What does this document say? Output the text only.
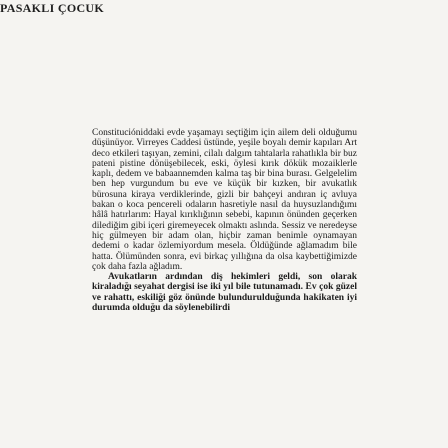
PASAKLI ÇOCUK

Constitucióniddaki evde yaşamayı seçtiğim için ailem deli olduğumu düşünüyor. Virreyes Caddesi üstünde, yeşile boyalı demir kapıları Art deco etkileri taşıyan, zemini, cilalı dalgım tahtalarla rahatlıkla bir buz pateni pistine dönüşebilecek, eski, öylesi kırık dökük mozaiklerle kaplı, dedem ve babaannemden kalma taş bir bina burası. Gelgelelim ben hep vurgundum bu eve ve küçük bir kızken, bir avukatlık bürosuna kiraya verdiklerinde, gizli bir bahçeyi andıran iç avluya bakan o koca pencereli odaların hasretiyle nasıl da huysuzlandığımı hâlâ hatırlarım: Hayal kırıklığının sebebi, kapının önünden geçerken dilediğim gibi içeri giremeyecek olmaktı aslında. Sessiz ve neredeyse hiç gülmeyen bir adam olan, hiçbir zaman benimle oynamayan dedemi o kadar özlemiyordum mesela. Öldüğünde ağlamadım bile hatta. Ölümünden sonra, evi birkaç yıllığına da olsa kaybettiğimizde çok daha fazla ağladım.

Avukatların ardından diş hekimleri geldi, son olarak kiraladığı seyahat dergisi ise iki yıl bile tutunamadı. Ev çok güzel ve rahattı, eskiliği göz önünde bulundurulduğunda hakikaten iyi durumda olduğu da söylenebilirdi
